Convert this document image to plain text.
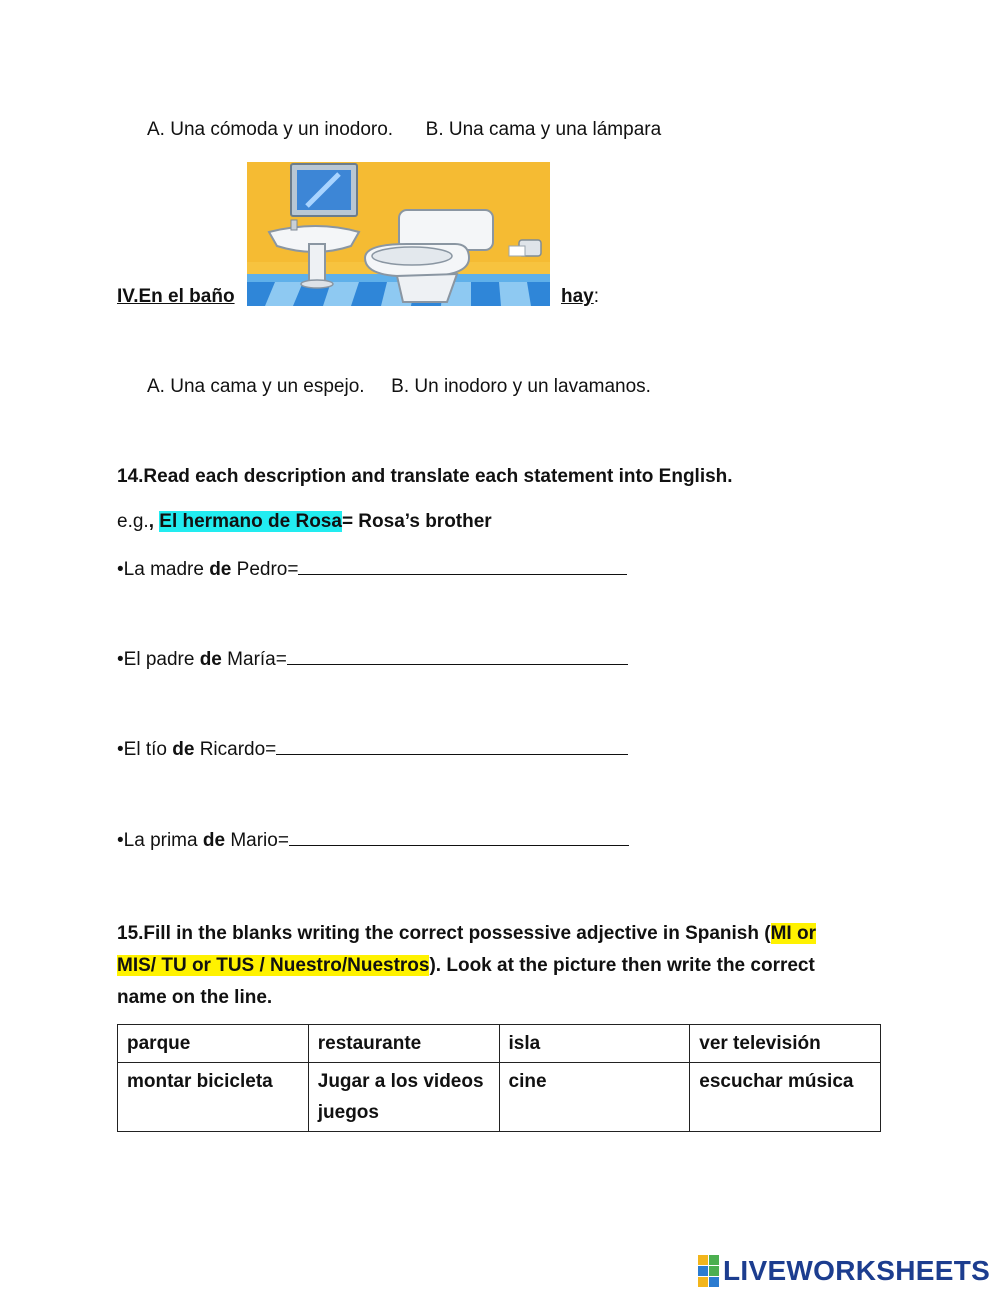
A. Una cómoda y un inodoro. B. Una cama y una lámpara
IV.En el baño	hay:
A. Una cama y un espejo. B. Un inodoro y un lavamanos.
14.Read each description and translate each statement into English.
e.g., El hermano de Rosa= Rosa’s brother
•La madre de Pedro=
•El padre de María=
•El tío de Ricardo=
•La prima de Mario=
15.Fill in the blanks writing the correct possessive adjective in Spanish (MI or
MIS/ TU or TUS / Nuestro/Nuestros). Look at the picture then write the correct
name on the line.
parque	restaurante	isla	ver televisión
montar bicicleta	Jugar a los videos juegos	cine	escuchar música
LIVEWORKSHEETS
